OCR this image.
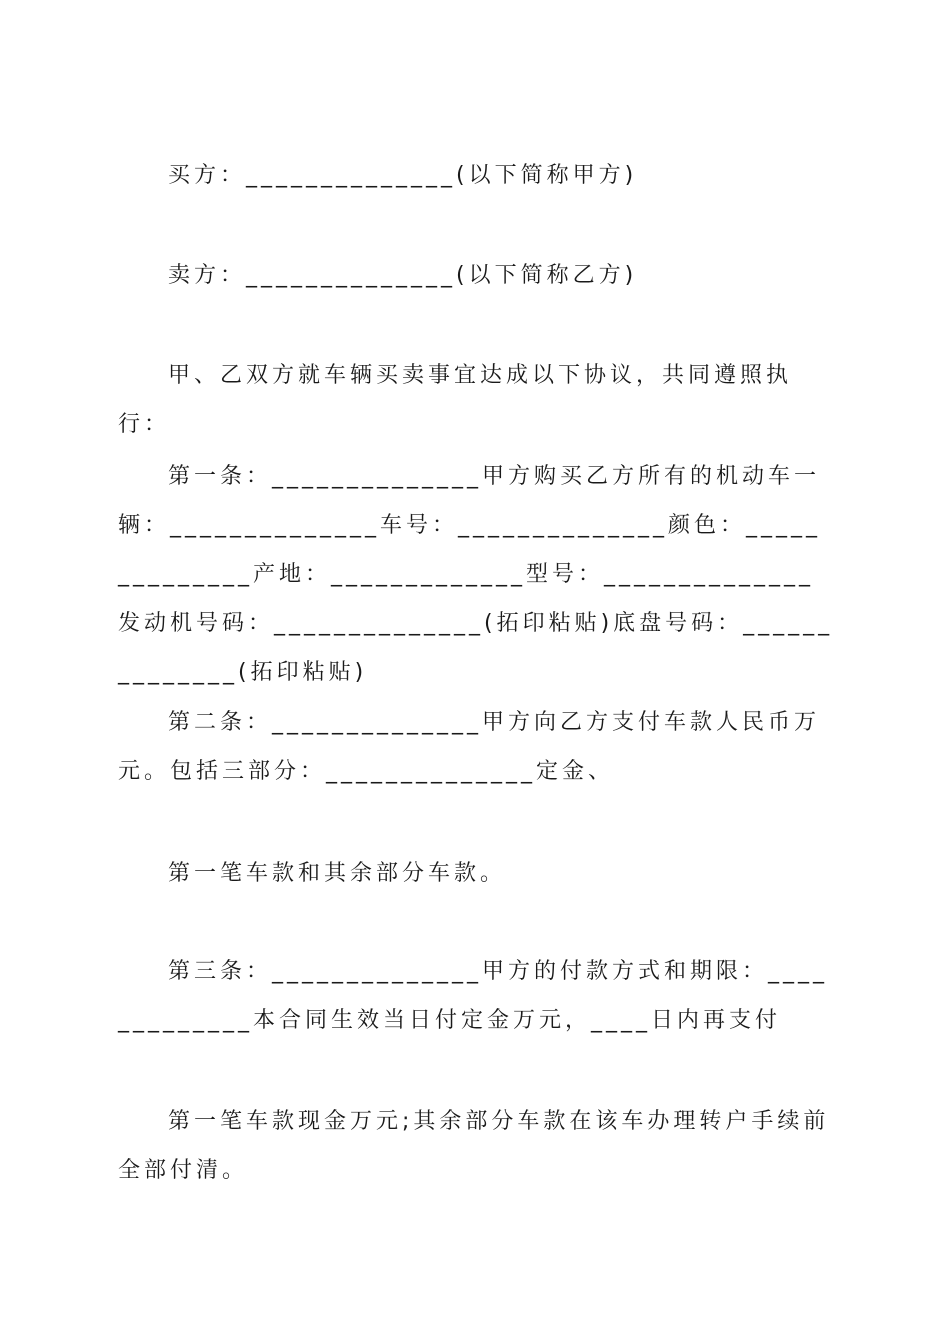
买方：______________(以下简称甲方)

卖方：______________(以下简称乙方)

甲、乙双方就车辆买卖事宜达成以下协议，共同遵照执行：

第一条：______________甲方购买乙方所有的机动车一辆：______________车号：______________颜色：______________产地：_____________型号：______________发动机号码：______________(拓印粘贴)底盘号码：______________(拓印粘贴)

第二条：______________甲方向乙方支付车款人民币万元。包括三部分：______________定金、

第一笔车款和其余部分车款。

第三条：______________甲方的付款方式和期限：_____________本合同生效当日付定金万元，____日内再支付

第一笔车款现金万元;其余部分车款在该车办理转户手续前全部付清。
